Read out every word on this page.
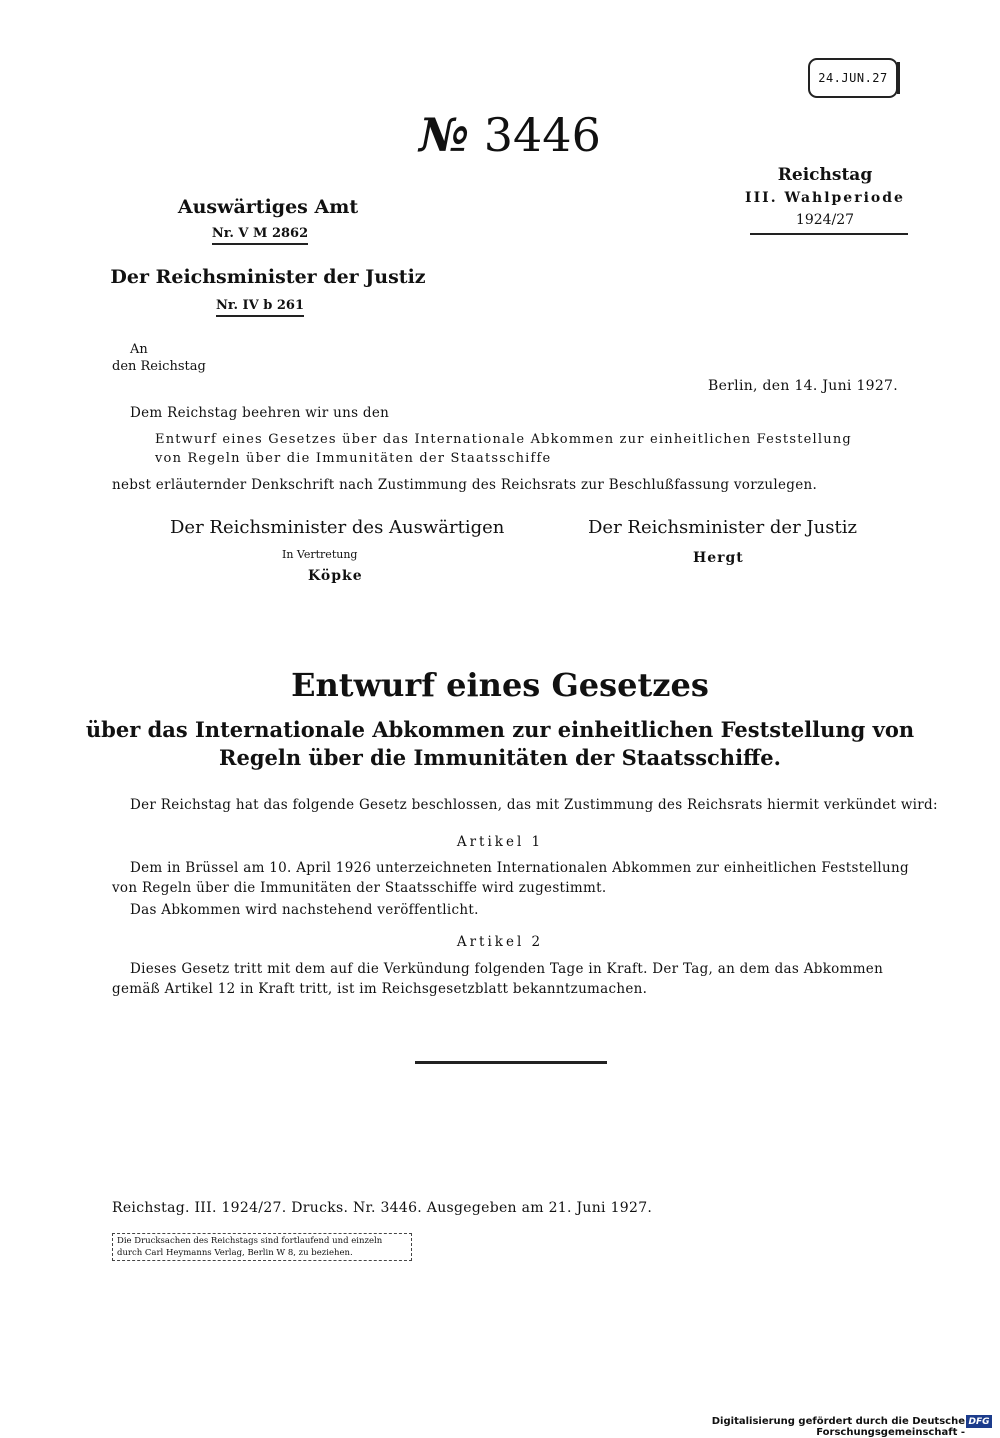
24.JUN.27
№ 3446
Reichstag
III. Wahlperiode
1924/27
Auswärtiges Amt
Nr. V M 2862
Der Reichsminister der Justiz
Nr. IV b 261
An
den Reichstag
Berlin, den 14. Juni 1927.
Dem Reichstag beehren wir uns den
Entwurf eines Gesetzes über das Internationale Abkommen zur einheitlichen Feststellung
von Regeln über die Immunitäten der Staatsschiffe
nebst erläuternder Denkschrift nach Zustimmung des Reichsrats zur Beschlußfassung vorzulegen.
Der Reichsminister des Auswärtigen
In Vertretung
Köpke
Der Reichsminister der Justiz
Hergt
Entwurf eines Gesetzes
über das Internationale Abkommen zur einheitlichen Feststellung von
Regeln über die Immunitäten der Staatsschiffe.
Der Reichstag hat das folgende Gesetz beschlossen, das mit Zustimmung des Reichsrats hiermit verkündet wird:
Artikel 1
Dem in Brüssel am 10. April 1926 unterzeichneten Internationalen Abkommen zur einheitlichen Feststellung
von Regeln über die Immunitäten der Staatsschiffe wird zugestimmt.
Das Abkommen wird nachstehend veröffentlicht.
Artikel 2
Dieses Gesetz tritt mit dem auf die Verkündung folgenden Tage in Kraft. Der Tag, an dem das Abkommen
gemäß Artikel 12 in Kraft tritt, ist im Reichsgesetzblatt bekanntzumachen.
Reichstag. III. 1924/27. Drucks. Nr. 3446. Ausgegeben am 21. Juni 1927.
Die Drucksachen des Reichstags sind fortlaufend und einzeln
durch Carl Heymanns Verlag, Berlin W 8, zu beziehen.
Digitalisierung gefördert durch die Deutsche Forschungsgemeinschaft -
DFG
